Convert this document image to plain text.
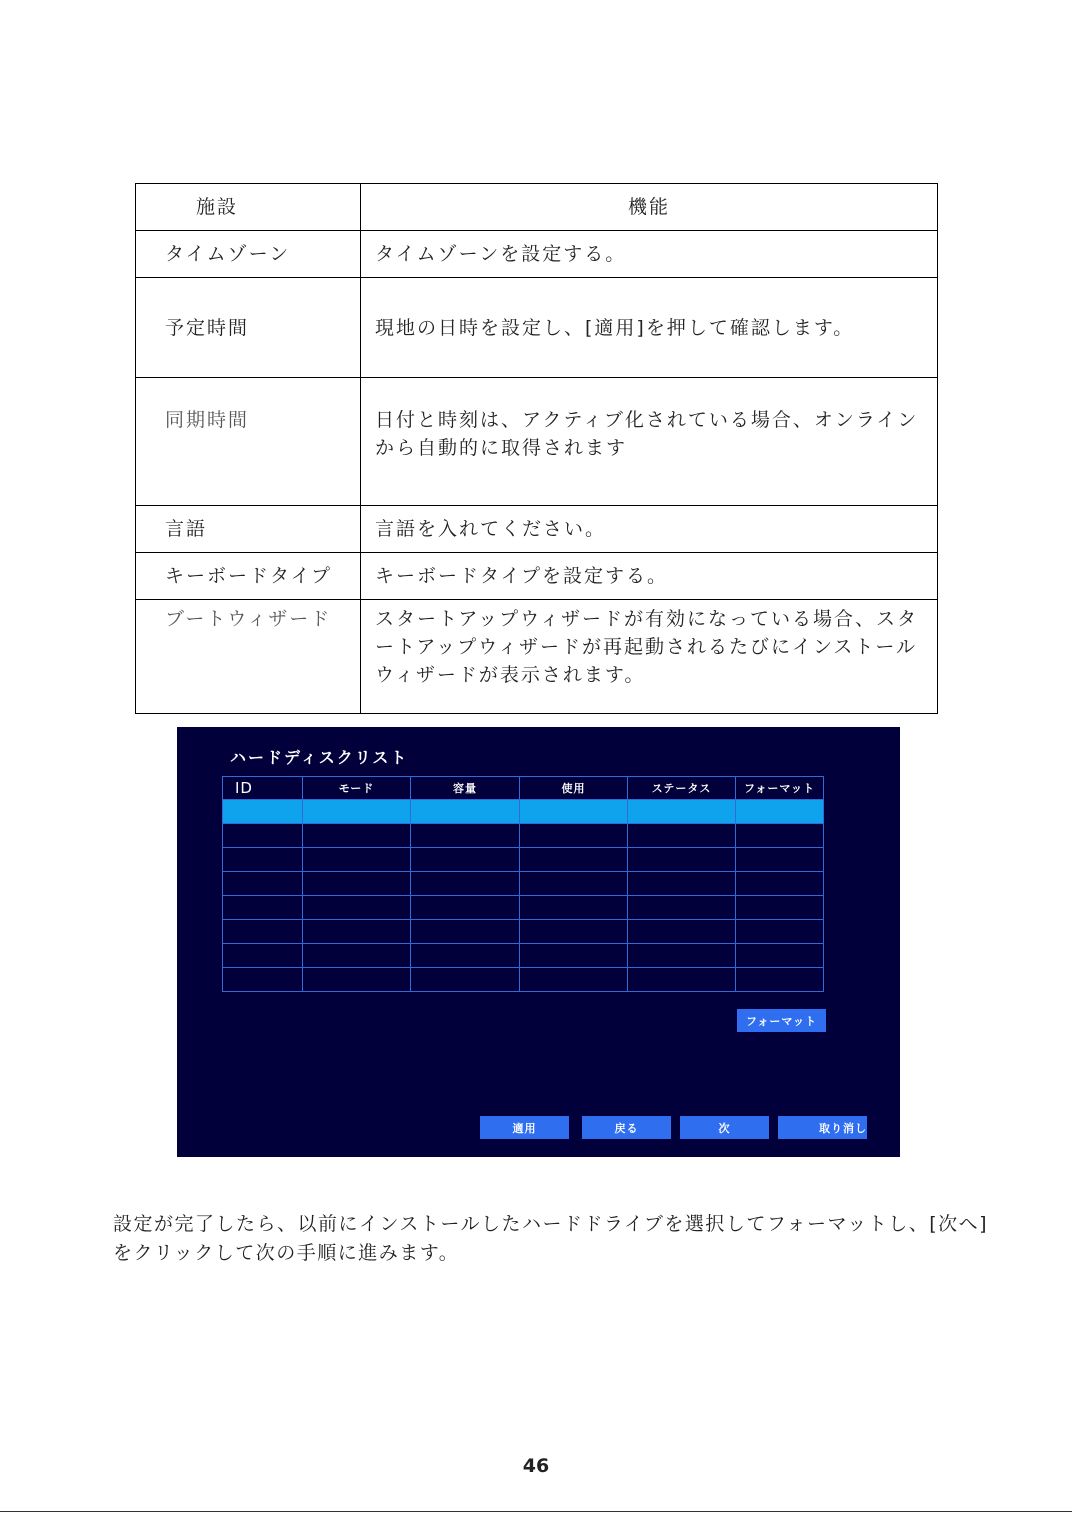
施設	機能
タイムゾーン	タイムゾーンを設定する。
予定時間	現地の日時を設定し、[適用]を押して確認します。
同期時間	日付と時刻は、アクティブ化されている場合、オンラインから自動的に取得されます
言語	言語を入れてください。
キーボードタイプ	キーボードタイプを設定する。
ブートウィザード	スタートアップウィザードが有効になっている場合、スタートアップウィザードが再起動されるたびにインストールウィザードが表示されます。
ハードディスクリスト
ID	モード	容量	使用	ステータス	フォーマット

フォーマット
適用	戻る	次	取り消し
設定が完了したら、以前にインストールしたハードドライブを選択してフォーマットし、[次へ]をクリックして次の手順に進みます。
46
